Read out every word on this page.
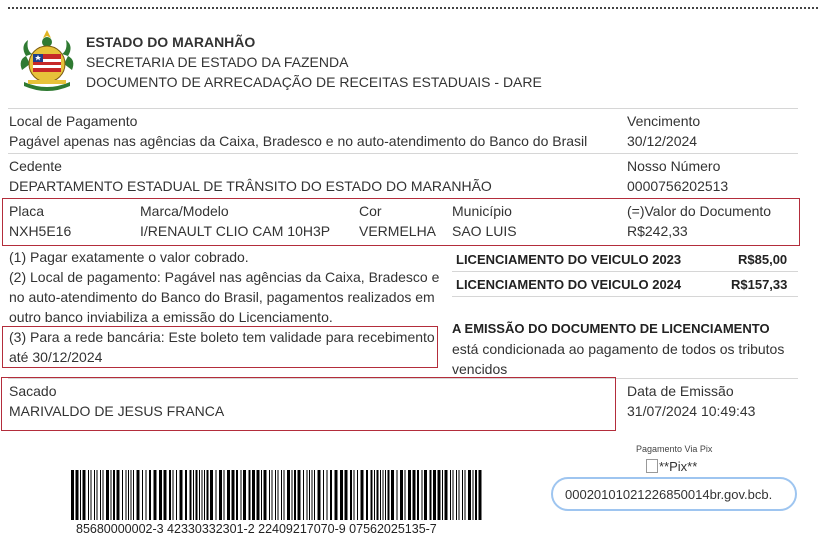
ESTADO DO MARANHÃO
SECRETARIA DE ESTADO DA FAZENDA
DOCUMENTO DE ARRECADAÇÃO DE RECEITAS ESTADUAIS - DARE
Local de Pagamento
Pagável apenas nas agências da Caixa, Bradesco e no auto-atendimento do Banco do Brasil
Vencimento
30/12/2024
Cedente
DEPARTAMENTO ESTADUAL DE TRÂNSITO DO ESTADO DO MARANHÃO
Nosso Número
0000756202513
Placa
NXH5E16
Marca/Modelo
I/RENAULT CLIO CAM 10H3P
Cor
VERMELHA
Município
SAO LUIS
(=)Valor do Documento
R$242,33
(1) Pagar exatamente o valor cobrado.
(2) Local de pagamento: Pagável nas agências da Caixa, Bradesco e
no auto-atendimento do Banco do Brasil, pagamentos realizados em
outro banco inviabiliza a emissão do Licenciamento.
(3) Para a rede bancária: Este boleto tem validade para recebimento
até 30/12/2024
LICENCIAMENTO DO VEICULO 2023	R$85,00
LICENCIAMENTO DO VEICULO 2024	R$157,33
A EMISSÃO DO DOCUMENTO DE LICENCIAMENTO
está condicionada ao pagamento de todos os tributos
vencidos
Sacado
MARIVALDO DE JESUS FRANCA
Data de Emissão
31/07/2024 10:49:43
Pagamento Via Pix
**Pix**
00020101021226850014br.gov.bcb.
85680000002-3 42330332301-2 22409217070-9 07562025135-7
